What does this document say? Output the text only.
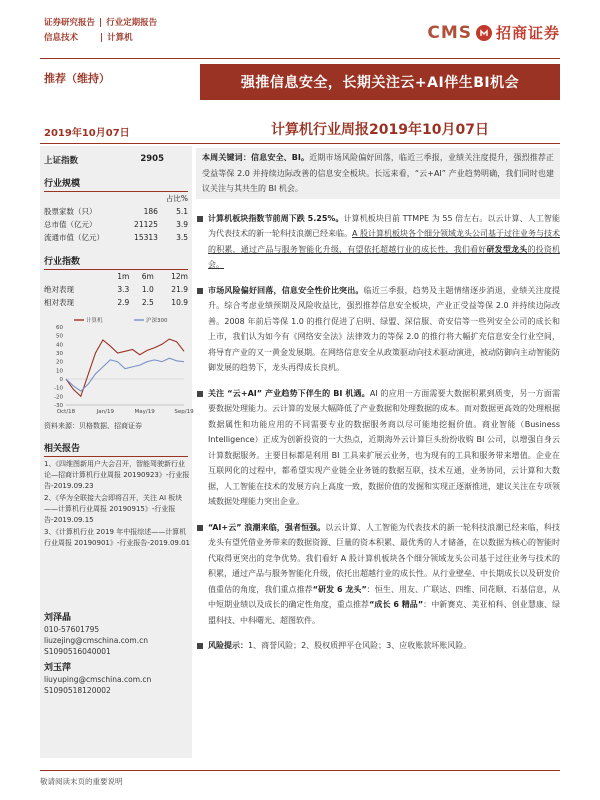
证券研究报告 | 行业定期报告
信息技术	| 计算机	CMS 招商证券
推荐（维持）	强推信息安全，长期关注云+AI伴生BI机会
2019年10月07日	计算机行业周报2019年10月07日
上证指数	2905
行业规模
		占比%
股票家数（只）	186	5.1
总市值（亿元）	21125	3.9
流通市值（亿元）	15313	3.5
行业指数
	1m	6m	12m
绝对表现	3.3	1.0	21.9
相对表现	2.9	2.5	10.9
60
50
40
30
20
10
0
-10
-20
-30
Oct/18	Jan/19	May/19	Sep/19
计算机	沪深300
资料来源：贝格数据、招商证券
相关报告
1、《四维图新用户大会召开，智能驾驶新行业论—招商计算机行业周报 20190923》-行业报告-2019.09.23
2、《华为全联接大会即将召开，关注 AI 板块——计算机行业周报 20190915》-行业报告-2019.09.15
3、《计算机行业 2019 年中报综述——计算机行业周报 20190901》-行业报告-2019.09.01
刘泽晶
010-57601795
liuzejing@cmschina.com.cn
S1090516040001
刘玉萍
liuyuping@cmschina.com.cn
S1090518120002
本周关键词：信息安全、BI。近期市场风险偏好回落，临近三季报，业绩关注度提升，强烈推荐正受益等保 2.0 并持续边际改善的信息安全板块。长远来看，“云+AI” 产业趋势明确，我们同时也建议关注与其共生的 BI 机会。
计算机板块指数节前周下跌 5.25%。计算机板块目前 TTMPE 为 55 倍左右。以云计算、人工智能为代表技术的新一轮科技浪潮已经来临。A 股计算机板块各个细分领域龙头公司基于过往业务与技术的积累，通过产品与服务智能化升级，有望依托超越行业的成长性，我们看好研发型龙头的投资机会。
市场风险偏好回落，信息安全性价比突出。临近三季报，趋势及主题情绪逐步消退，业绩关注度提升。综合考虑业绩预期及风险收益比，强烈推荐信息安全板块，产业正受益等保 2.0 并持续边际改善。2008 年前后等保 1.0 的推行促进了启明、绿盟、深信服、奇安信等一些列安全公司的成长和上市，我们认为如今有《网络安全法》法律效力的等保 2.0 的推行将大幅扩充信息安全行业空间，将导育产业的又一黄金发展期。在网络信息安全从政策驱动向技术驱动演进，被动防御向主动智能防御发展的趋势下，龙头再得成长良机。
关注 “云+AI” 产业趋势下伴生的 BI 机遇。AI 的应用一方面需要大数据积累到质变，另一方面需要数据处理能力。云计算的发展大幅降低了产业数据和处理数据的成本。而对数据更高效的处理根据数据属性和功能应用的不同需要专业的数据服务商以尽可能地挖掘价值。商业智能（Business Intelligence）正成为创新投资的一大热点，近期海外云计算巨头纷纷收购 BI 公司，以增强自身云计算数据服务。主要目标都是利用 BI 工具来扩展云业务，也为现有的工具和服务带来增值。企业在互联网化的过程中，都希望实现产业链全业务链的数据互联，技术互通，业务协同，云计算和大数据，人工智能在技术的发展方向上高度一致，数据价值的发掘和实现正逐渐推进，建议关注在专项领域数据处理能力突出企业。
“AI+云” 浪潮来临，强者恒强。以云计算、人工智能为代表技术的新一轮科技浪潮已经来临，科技龙头有望凭借业务带来的数据资源、巨量的资本积累、最优秀的人才储备，在以数据为核心的智能时代取得更突出的竞争优势。我们看好 A 股计算机板块各个细分领域龙头公司基于过往业务与技术的积累，通过产品与服务智能化升级，依托出超越行业的成长性。从行业壁垒、中长期成长以及研发价值重估的角度，我们重点推荐“研发 6 龙头”：恒生、用友、广联达、四维、同花顺、石基信息，从中短期业绩以及成长的确定性角度，重点推荐“成长 6 精品”：中新赛克、美亚柏科、创业慧康、绿盟科技、中科曙光、超图软件。
风险提示：1、商誉风险；2、股权质押平仓风险；3、应收账款坏账风险。
敬请阅读末页的重要说明
